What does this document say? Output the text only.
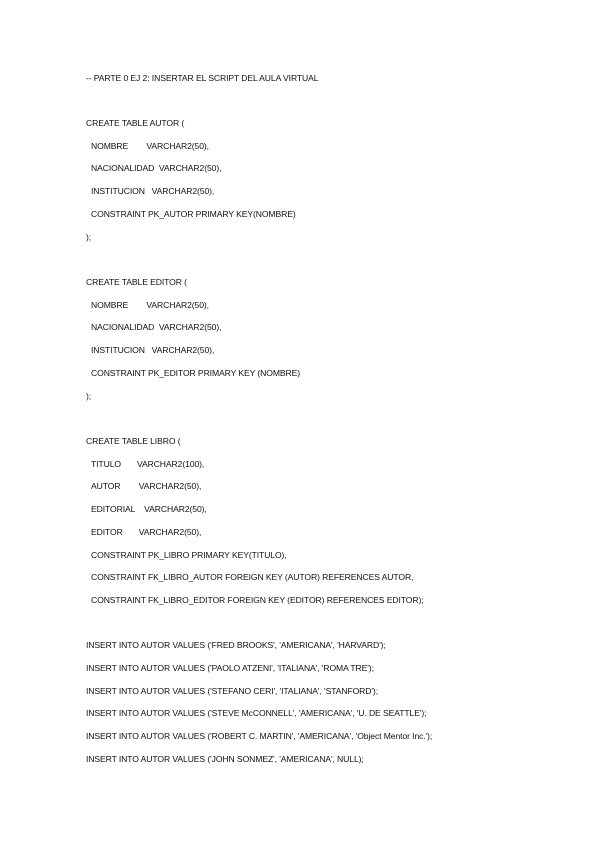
-- PARTE 0 EJ 2: INSERTAR EL SCRIPT DEL AULA VIRTUAL
CREATE TABLE AUTOR (
NOMBRE        VARCHAR2(50),
NACIONALIDAD  VARCHAR2(50),
INSTITUCION   VARCHAR2(50),
CONSTRAINT PK_AUTOR PRIMARY KEY(NOMBRE)
);
CREATE TABLE EDITOR (
NOMBRE        VARCHAR2(50),
NACIONALIDAD  VARCHAR2(50),
INSTITUCION   VARCHAR2(50),
CONSTRAINT PK_EDITOR PRIMARY KEY (NOMBRE)
);
CREATE TABLE LIBRO (
TITULO       VARCHAR2(100),
AUTOR        VARCHAR2(50),
EDITORIAL    VARCHAR2(50),
EDITOR       VARCHAR2(50),
CONSTRAINT PK_LIBRO PRIMARY KEY(TITULO),
CONSTRAINT FK_LIBRO_AUTOR FOREIGN KEY (AUTOR) REFERENCES AUTOR,
CONSTRAINT FK_LIBRO_EDITOR FOREIGN KEY (EDITOR) REFERENCES EDITOR);
INSERT INTO AUTOR VALUES ('FRED BROOKS', 'AMERICANA', 'HARVARD');
INSERT INTO AUTOR VALUES ('PAOLO ATZENI', 'ITALIANA', 'ROMA TRE');
INSERT INTO AUTOR VALUES ('STEFANO CERI', 'ITALIANA', 'STANFORD');
INSERT INTO AUTOR VALUES ('STEVE McCONNELL', 'AMERICANA', 'U. DE SEATTLE');
INSERT INTO AUTOR VALUES ('ROBERT C. MARTIN', 'AMERICANA', 'Object Mentor Inc.');
INSERT INTO AUTOR VALUES ('JOHN SONMEZ', 'AMERICANA', NULL);
